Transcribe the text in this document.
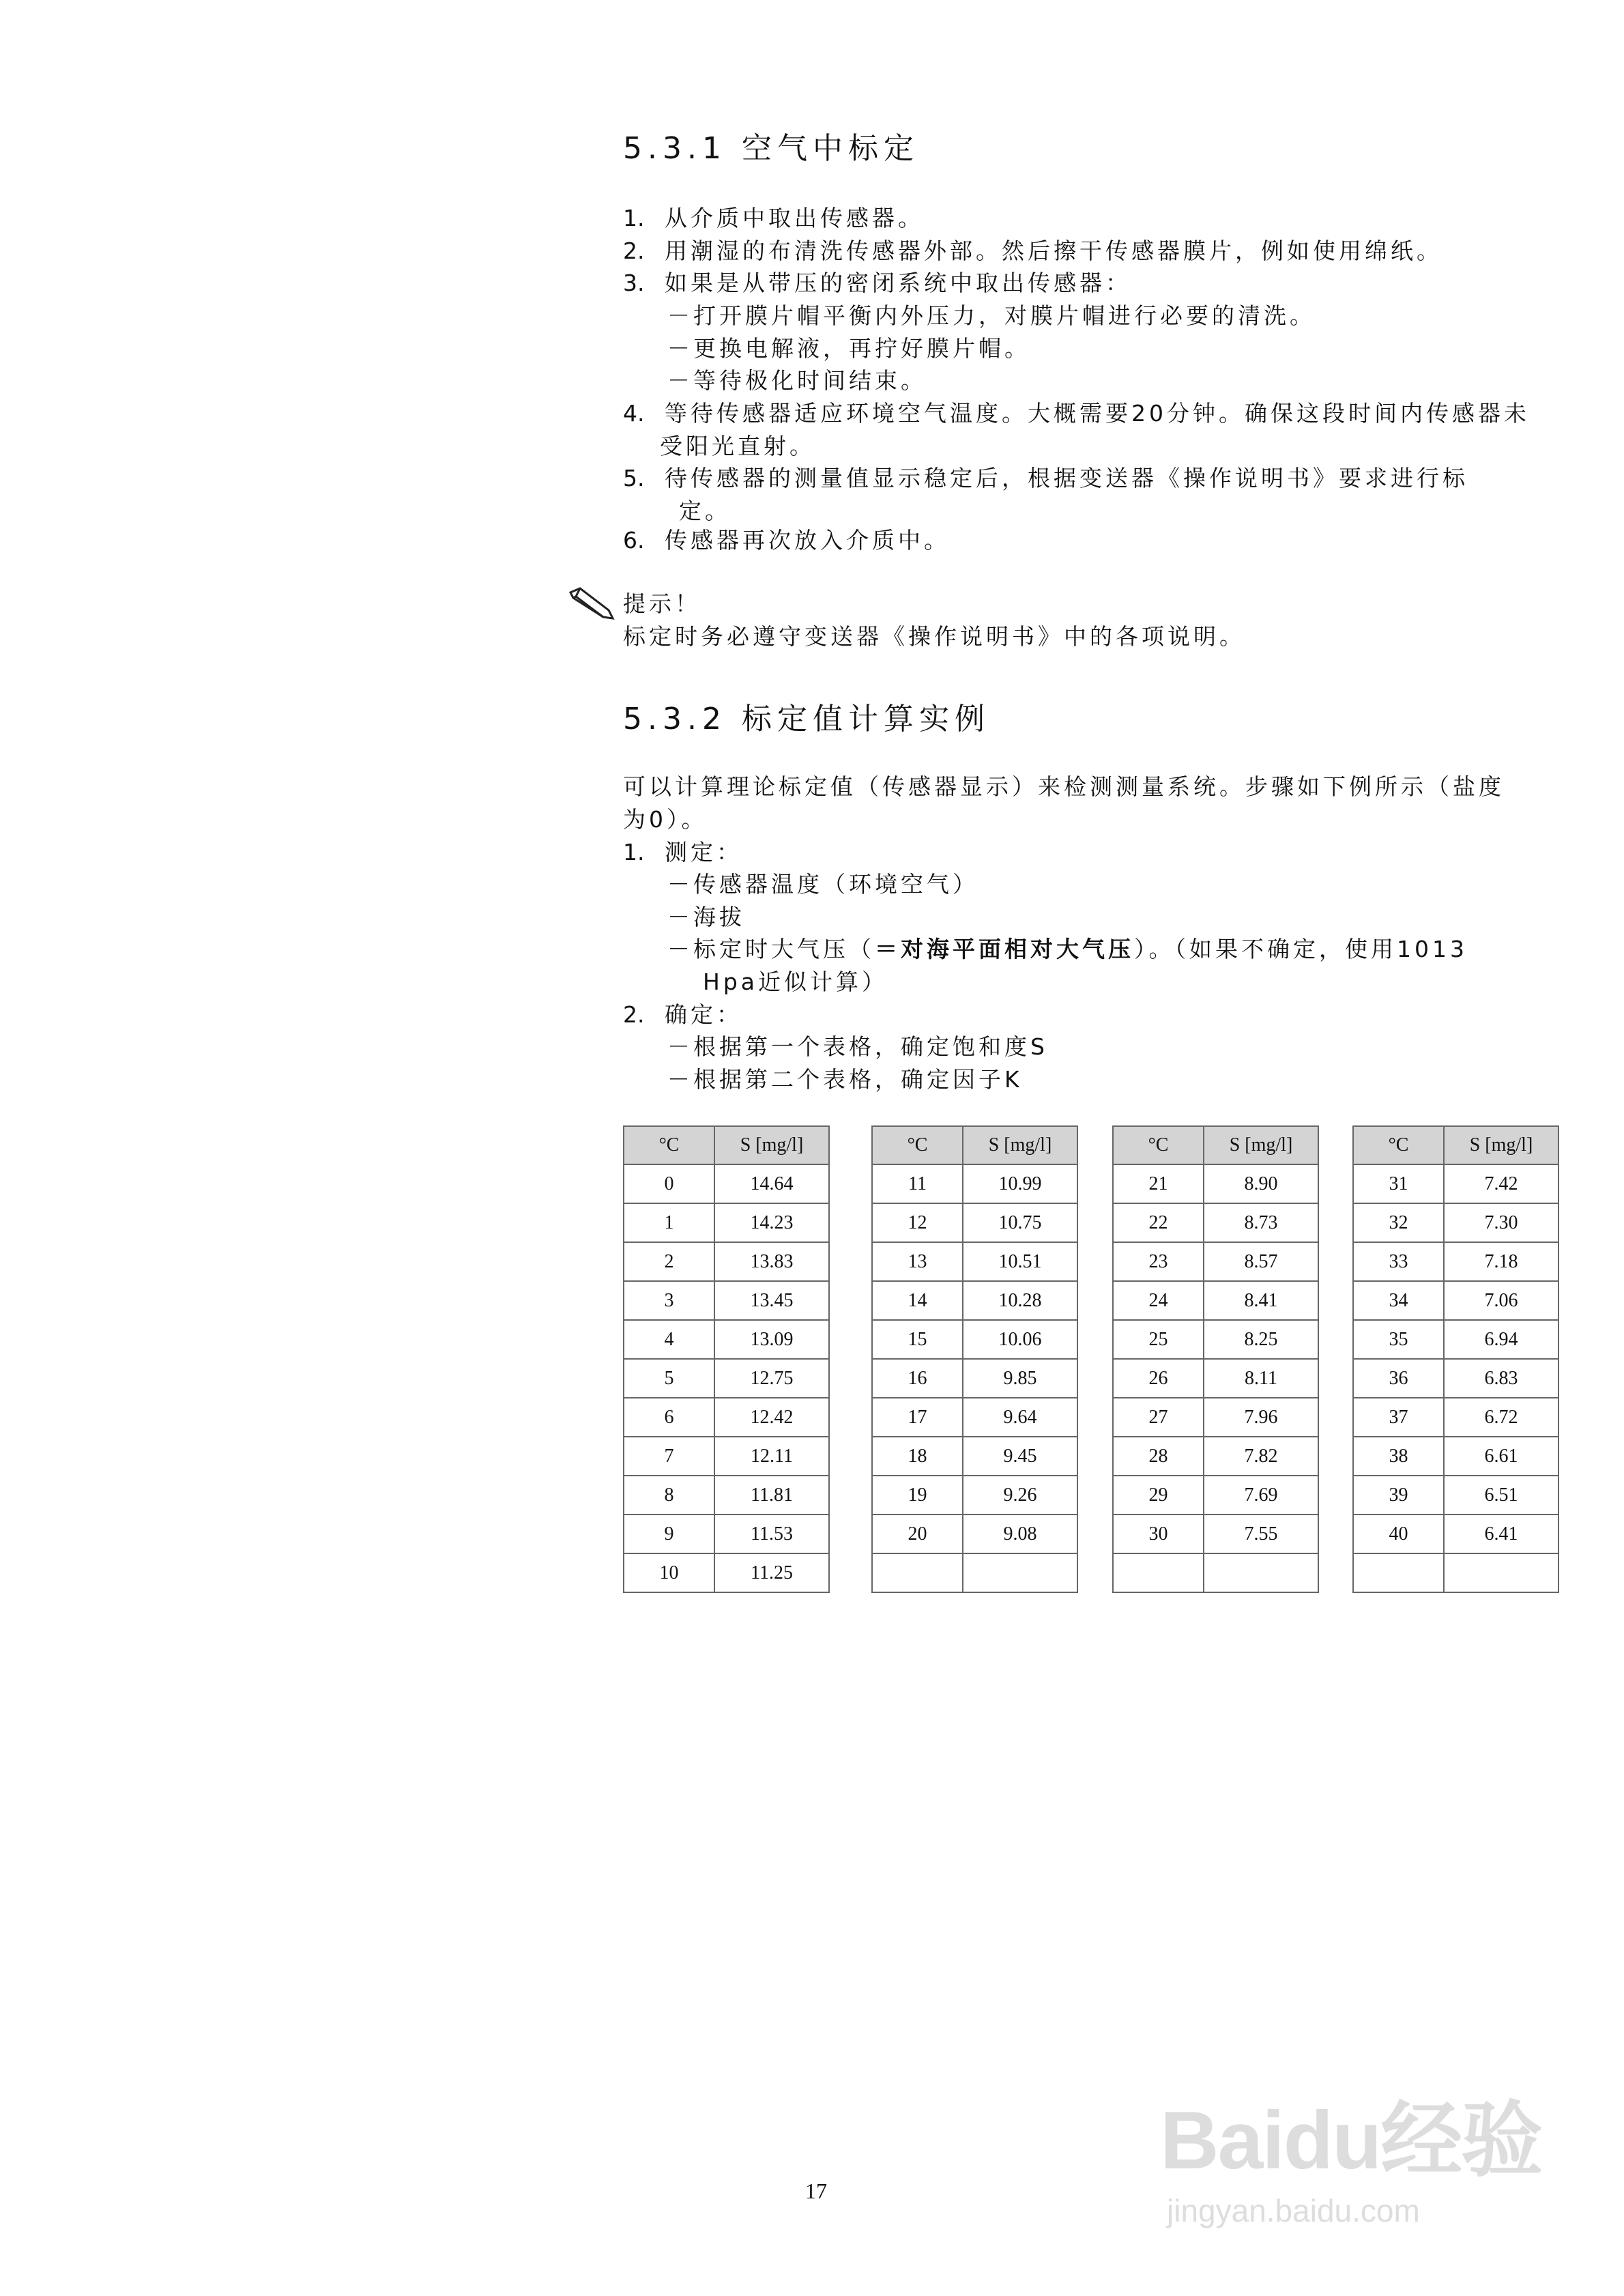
5.3.1 空气中标定
1. 从介质中取出传感器。
2. 用潮湿的布清洗传感器外部。然后擦干传感器膜片，例如使用绵纸。
3. 如果是从带压的密闭系统中取出传感器：
－打开膜片帽平衡内外压力，对膜片帽进行必要的清洗。
－更换电解液，再拧好膜片帽。
－等待极化时间结束。
4. 等待传感器适应环境空气温度。大概需要20分钟。确保这段时间内传感器未
受阳光直射。
5. 待传感器的测量值显示稳定后，根据变送器《操作说明书》要求进行标
定。
6. 传感器再次放入介质中。
提示！
标定时务必遵守变送器《操作说明书》中的各项说明。
5.3.2 标定值计算实例
可以计算理论标定值（传感器显示）来检测测量系统。步骤如下例所示（盐度
为0）。
1. 测定：
－传感器温度（环境空气）
－海拔
－标定时大气压（＝对海平面相对大气压）。（如果不确定，使用1013
Hpa近似计算）
2. 确定：
－根据第一个表格，确定饱和度S
－根据第二个表格，确定因子K
°C	S [mg/l]
0	14.64
1	14.23
2	13.83
3	13.45
4	13.09
5	12.75
6	12.42
7	12.11
8	11.81
9	11.53
10	11.25
°C	S [mg/l]
11	10.99
12	10.75
13	10.51
14	10.28
15	10.06
16	9.85
17	9.64
18	9.45
19	9.26
20	9.08

°C	S [mg/l]
21	8.90
22	8.73
23	8.57
24	8.41
25	8.25
26	8.11
27	7.96
28	7.82
29	7.69
30	7.55

°C	S [mg/l]
31	7.42
32	7.30
33	7.18
34	7.06
35	6.94
36	6.83
37	6.72
38	6.61
39	6.51
40	6.41

17
Baidu经验
jingyan.baidu.com
